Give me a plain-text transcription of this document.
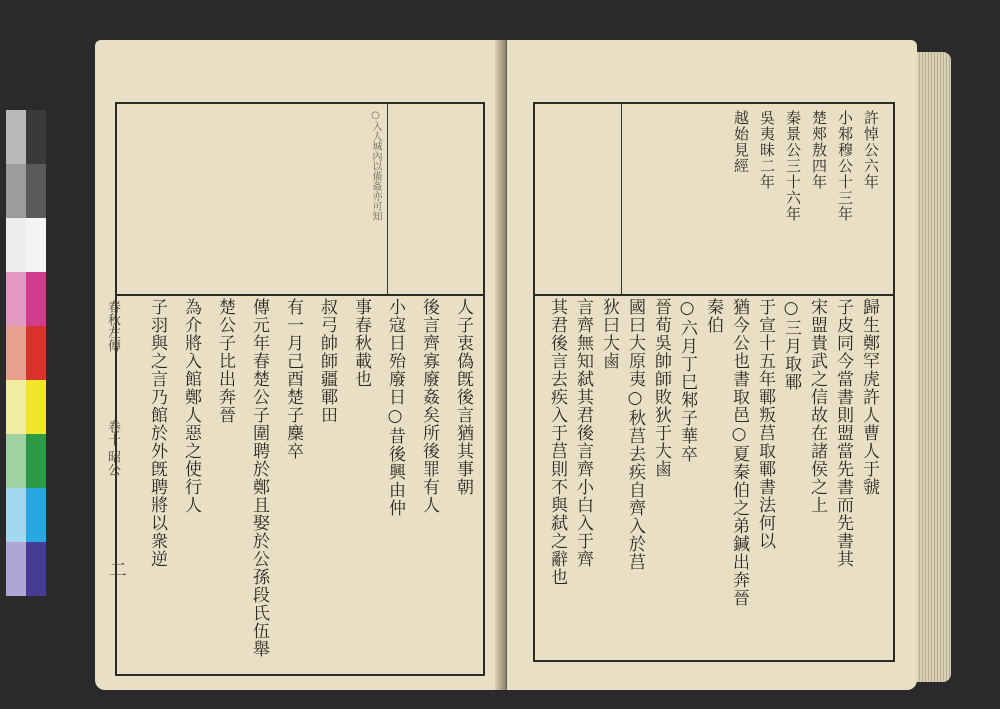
○入人城內以備姦亦可知
春秋左傳
卷十 昭公
二
人子衷偽旣後言猶其事朝
後言齊寡廢姦矣所後罪有人
小寇日殆廢日○昔後興由仲
事春秋載也
叔弓帥師疆鄆田
有一月己酉楚子麇卒
傳元年春楚公子圍聘於鄭且娶於公孫段氏伍舉
楚公子比出奔晉
為介將入館鄭人惡之使行人
子羽與之言乃館於外旣聘將以衆逆
許悼公六年
小邾穆公十三年
楚郟敖四年
秦景公三十六年
吳夷昧二年
越始見經
歸生鄭罕虎許人曹人于虢
子皮同今當書則盟當先書而先書其
宋盟貴武之信故在諸侯之上
○三月取鄆
于宣十五年鄆叛莒取鄆書法何以
猶今公也書取邑○夏秦伯之弟鍼出奔晉
秦伯
○六月丁巳邾子華卒
晉荀吳帥師敗狄于大鹵
國曰大原夷○秋莒去疾自齊入於莒
狄曰大鹵
言齊無知弑其君後言齊小白入于齊
其君後言去疾入于莒則不與弑之辭也
